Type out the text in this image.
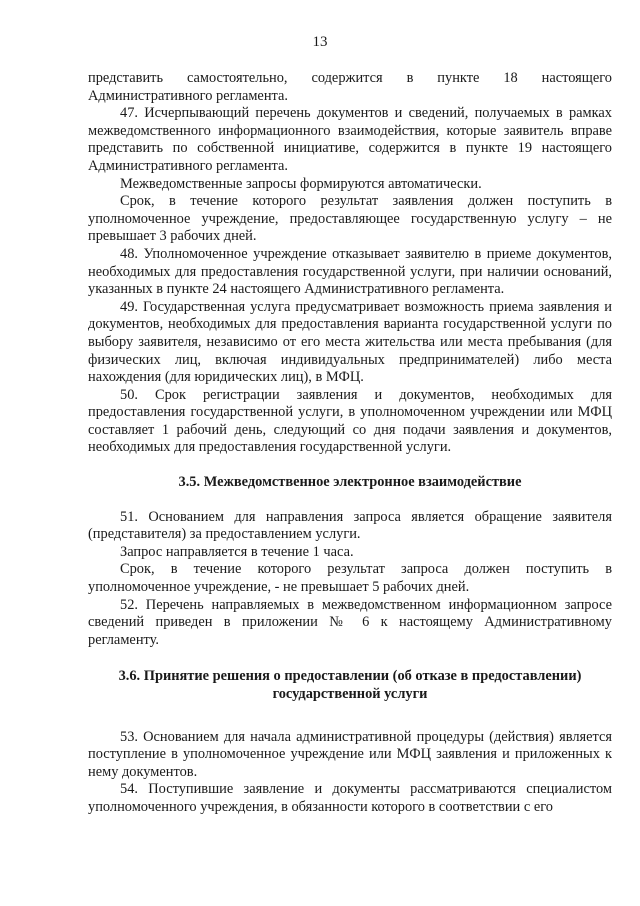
13

представить самостоятельно, содержится в пункте 18 настоящего Административного регламента.

47. Исчерпывающий перечень документов и сведений, получаемых в рамках межведомственного информационного взаимодействия, которые заявитель вправе представить по собственной инициативе, содержится в пункте 19 настоящего Административного регламента.

Межведомственные запросы формируются автоматически.

Срок, в течение которого результат заявления должен поступить в уполномоченное учреждение, предоставляющее государственную услугу – не превышает 3 рабочих дней.

48. Уполномоченное учреждение отказывает заявителю в приеме документов, необходимых для предоставления государственной услуги, при наличии оснований, указанных в пункте 24 настоящего Административного регламента.

49. Государственная услуга предусматривает возможность приема заявления и документов, необходимых для предоставления варианта государственной услуги по выбору заявителя, независимо от его места жительства или места пребывания (для физических лиц, включая индивидуальных предпринимателей) либо места нахождения (для юридических лиц), в МФЦ.

50. Срок регистрации заявления и документов, необходимых для предоставления государственной услуги, в уполномоченном учреждении или МФЦ составляет 1 рабочий день, следующий со дня подачи заявления и документов, необходимых для предоставления государственной услуги.

3.5. Межведомственное электронное взаимодействие

51. Основанием для направления запроса является обращение заявителя (представителя) за предоставлением услуги.

Запрос направляется в течение 1 часа.

Срок, в течение которого результат запроса должен поступить в уполномоченное учреждение, - не превышает 5 рабочих дней.

52. Перечень направляемых в межведомственном информационном запросе сведений приведен в приложении № 6 к настоящему Административному регламенту.

3.6. Принятие решения о предоставлении (об отказе в предоставлении) государственной услуги

53. Основанием для начала административной процедуры (действия) является поступление в уполномоченное учреждение или МФЦ заявления и приложенных к нему документов.

54. Поступившие заявление и документы рассматриваются специалистом уполномоченного учреждения, в обязанности которого в соответствии с его
